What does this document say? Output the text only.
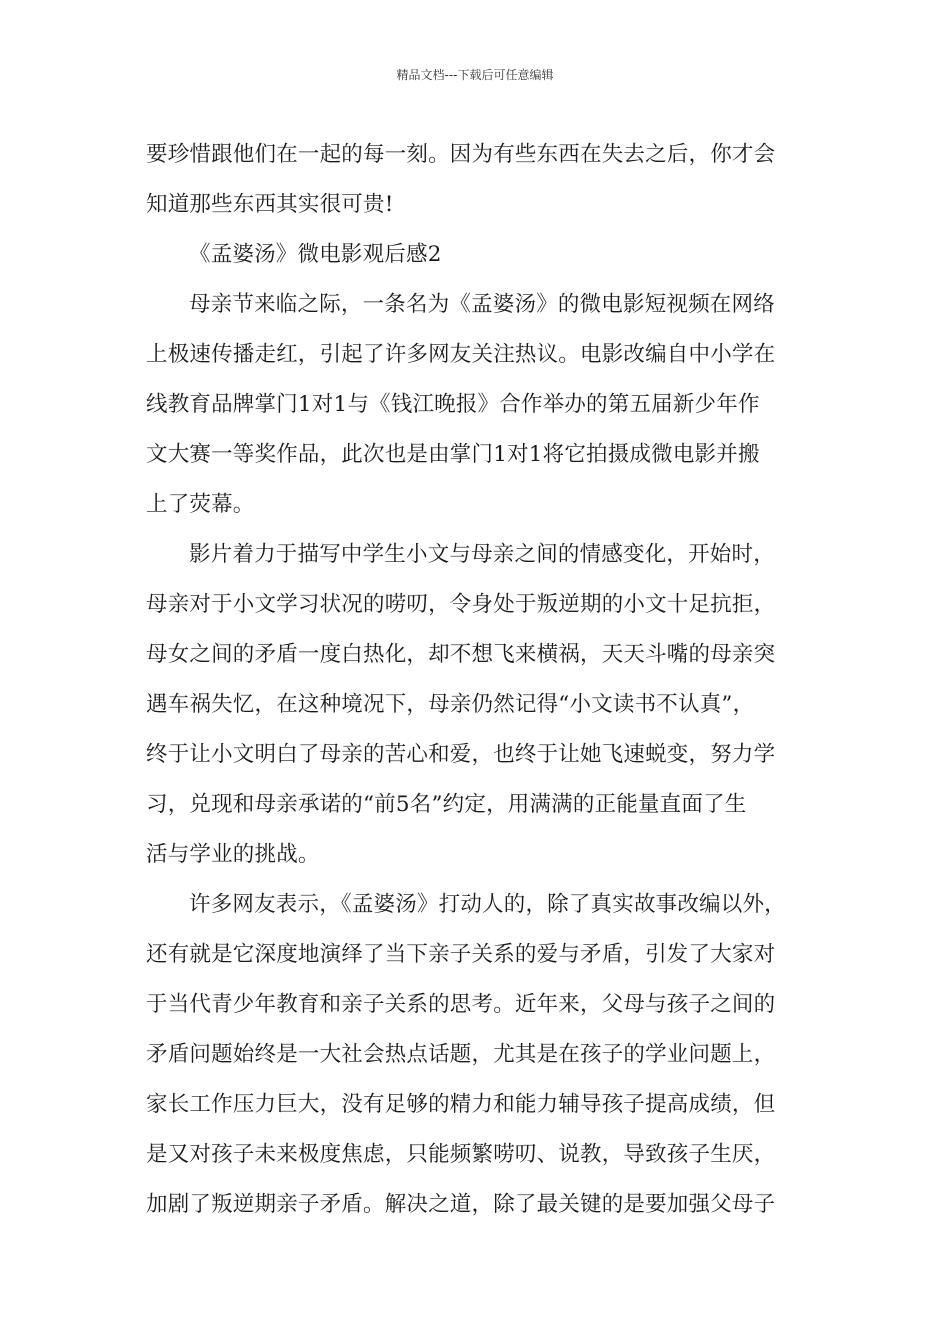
精品文档---下载后可任意编辑
要珍惜跟他们在一起的每一刻。因为有些东西在失去之后，你才会
知道那些东西其实很可贵!
《孟婆汤》微电影观后感2
母亲节来临之际，一条名为《孟婆汤》的微电影短视频在网络
上极速传播走红，引起了许多网友关注热议。电影改编自中小学在
线教育品牌掌门1对1与《钱江晚报》合作举办的第五届新少年作
文大赛一等奖作品，此次也是由掌门1对1将它拍摄成微电影并搬
上了荧幕。
影片着力于描写中学生小文与母亲之间的情感变化，开始时，
母亲对于小文学习状况的唠叨，令身处于叛逆期的小文十足抗拒，
母女之间的矛盾一度白热化，却不想飞来横祸，天天斗嘴的母亲突
遇车祸失忆，在这种境况下，母亲仍然记得“小文读书不认真”，
终于让小文明白了母亲的苦心和爱，也终于让她飞速蜕变，努力学
习，兑现和母亲承诺的“前5名”约定，用满满的正能量直面了生
活与学业的挑战。
许多网友表示，《孟婆汤》打动人的，除了真实故事改编以外，
还有就是它深度地演绎了当下亲子关系的爱与矛盾，引发了大家对
于当代青少年教育和亲子关系的思考。近年来，父母与孩子之间的
矛盾问题始终是一大社会热点话题，尤其是在孩子的学业问题上，
家长工作压力巨大，没有足够的精力和能力辅导孩子提高成绩，但
是又对孩子未来极度焦虑，只能频繁唠叨、说教，导致孩子生厌，
加剧了叛逆期亲子矛盾。解决之道，除了最关键的是要加强父母子
